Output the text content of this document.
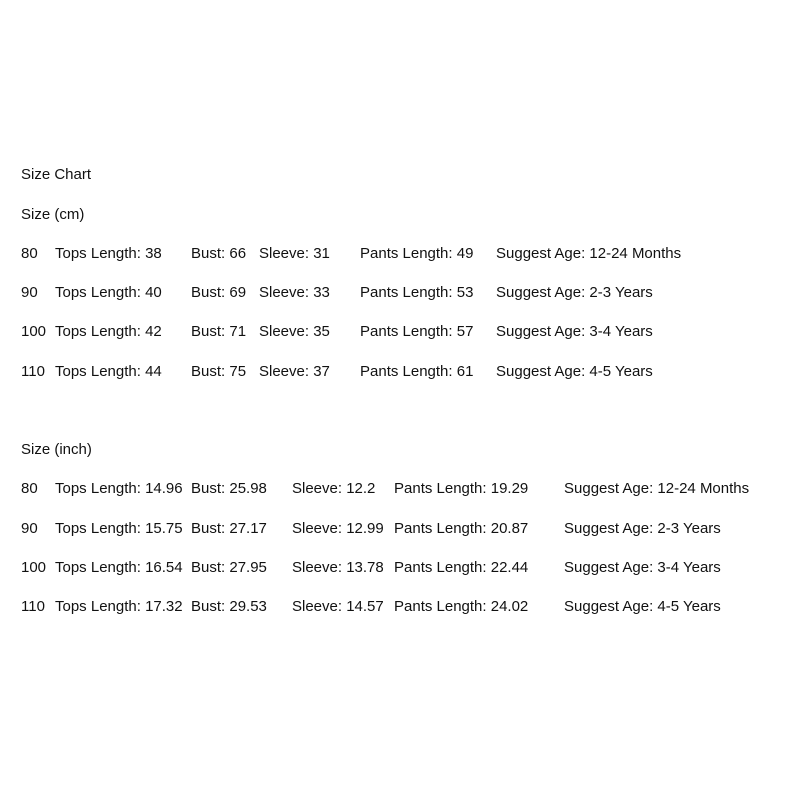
Size Chart
Size (cm)
80 Tops Length: 38 Bust: 66 Sleeve: 31 Pants Length: 49 Suggest Age: 12-24 Months
90 Tops Length: 40 Bust: 69 Sleeve: 33 Pants Length: 53 Suggest Age: 2-3 Years
100 Tops Length: 42 Bust: 71 Sleeve: 35 Pants Length: 57 Suggest Age: 3-4 Years
110 Tops Length: 44 Bust: 75 Sleeve: 37 Pants Length: 61 Suggest Age: 4-5 Years
Size (inch)
80 Tops Length: 14.96 Bust: 25.98 Sleeve: 12.2 Pants Length: 19.29 Suggest Age: 12-24 Months
90 Tops Length: 15.75 Bust: 27.17 Sleeve: 12.99 Pants Length: 20.87 Suggest Age: 2-3 Years
100 Tops Length: 16.54 Bust: 27.95 Sleeve: 13.78 Pants Length: 22.44 Suggest Age: 3-4 Years
110 Tops Length: 17.32 Bust: 29.53 Sleeve: 14.57 Pants Length: 24.02 Suggest Age: 4-5 Years
